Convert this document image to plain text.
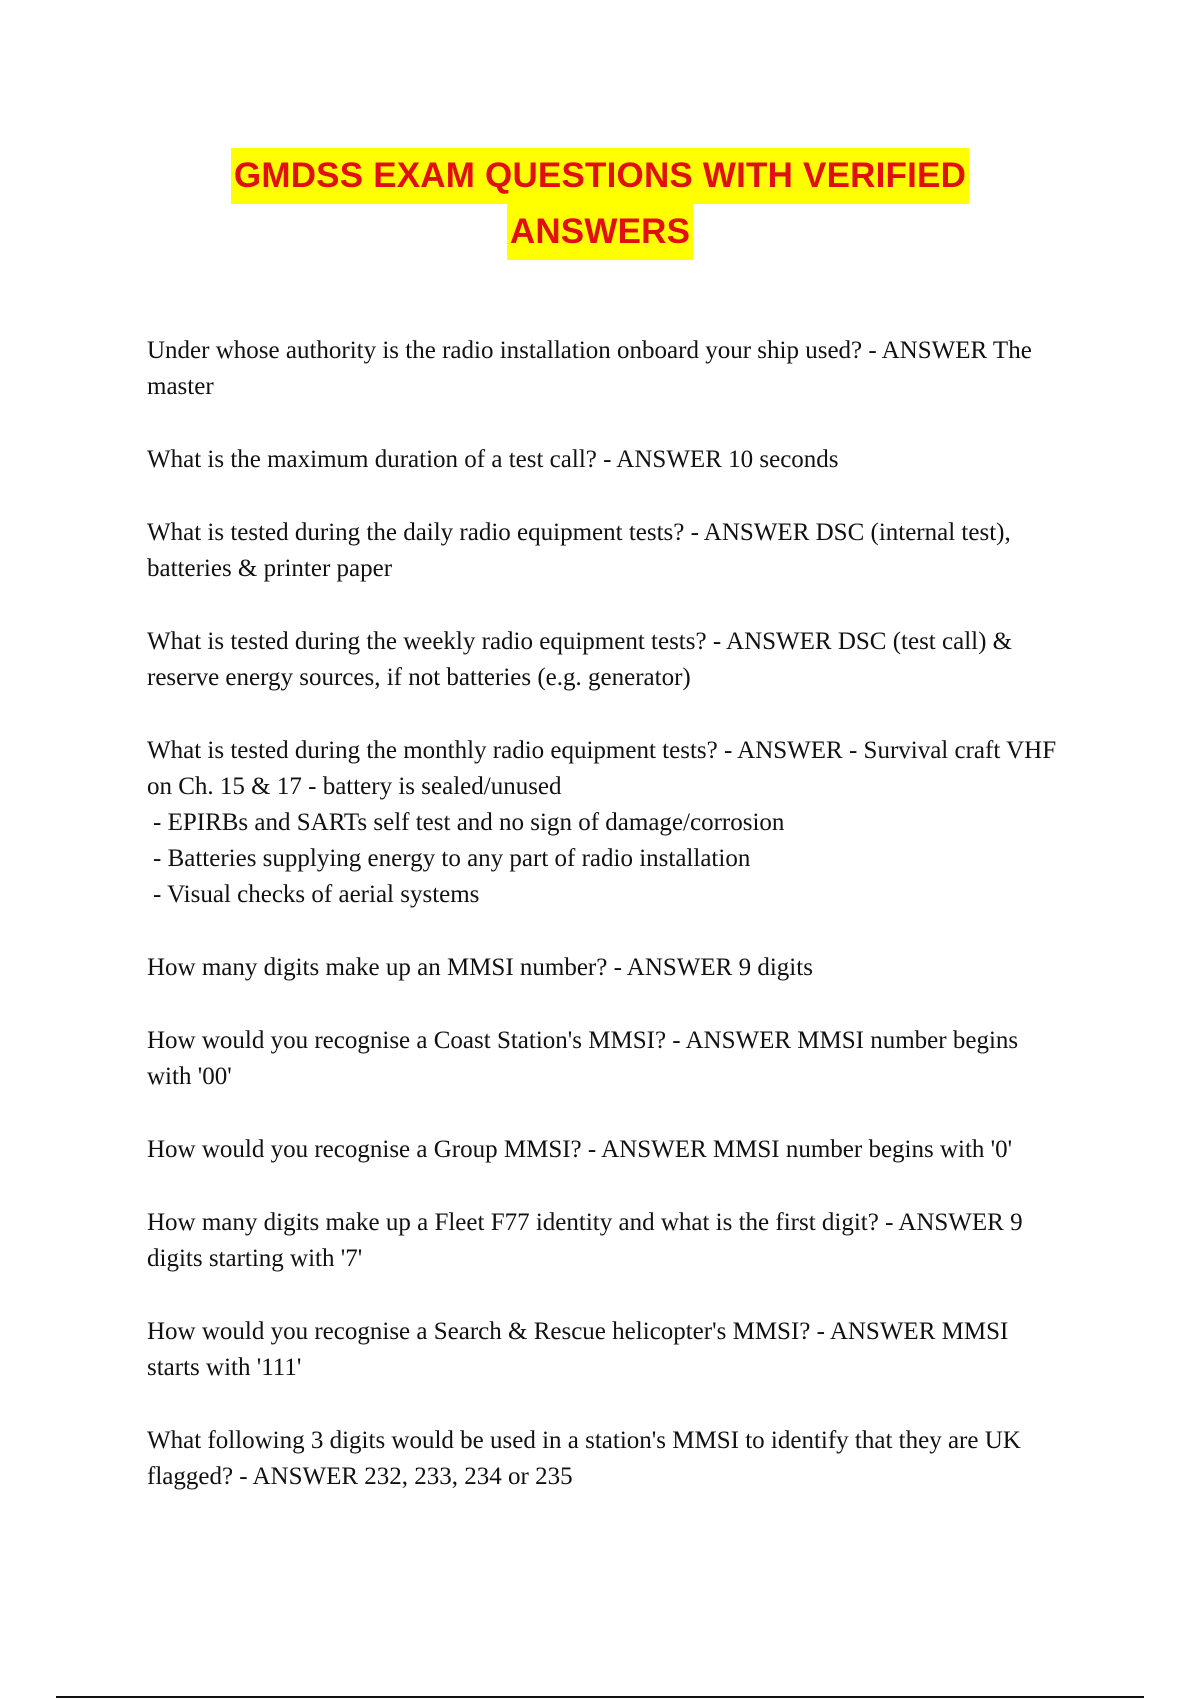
GMDSS EXAM QUESTIONS WITH VERIFIED
ANSWERS

Under whose authority is the radio installation onboard your ship used? - ANSWER The master

What is the maximum duration of a test call? - ANSWER 10 seconds

What is tested during the daily radio equipment tests? - ANSWER DSC (internal test), batteries & printer paper

What is tested during the weekly radio equipment tests? - ANSWER DSC (test call) & reserve energy sources, if not batteries (e.g. generator)

What is tested during the monthly radio equipment tests? - ANSWER - Survival craft VHF on Ch. 15 & 17 - battery is sealed/unused

- EPIRBs and SARTs self test and no sign of damage/corrosion
- Batteries supplying energy to any part of radio installation
- Visual checks of aerial systems

How many digits make up an MMSI number? - ANSWER 9 digits

How would you recognise a Coast Station's MMSI? - ANSWER MMSI number begins with '00'

How would you recognise a Group MMSI? - ANSWER MMSI number begins with '0'

How many digits make up a Fleet F77 identity and what is the first digit? - ANSWER 9 digits starting with '7'

How would you recognise a Search & Rescue helicopter's MMSI? - ANSWER MMSI starts with '111'

What following 3 digits would be used in a station's MMSI to identify that they are UK flagged? - ANSWER 232, 233, 234 or 235
